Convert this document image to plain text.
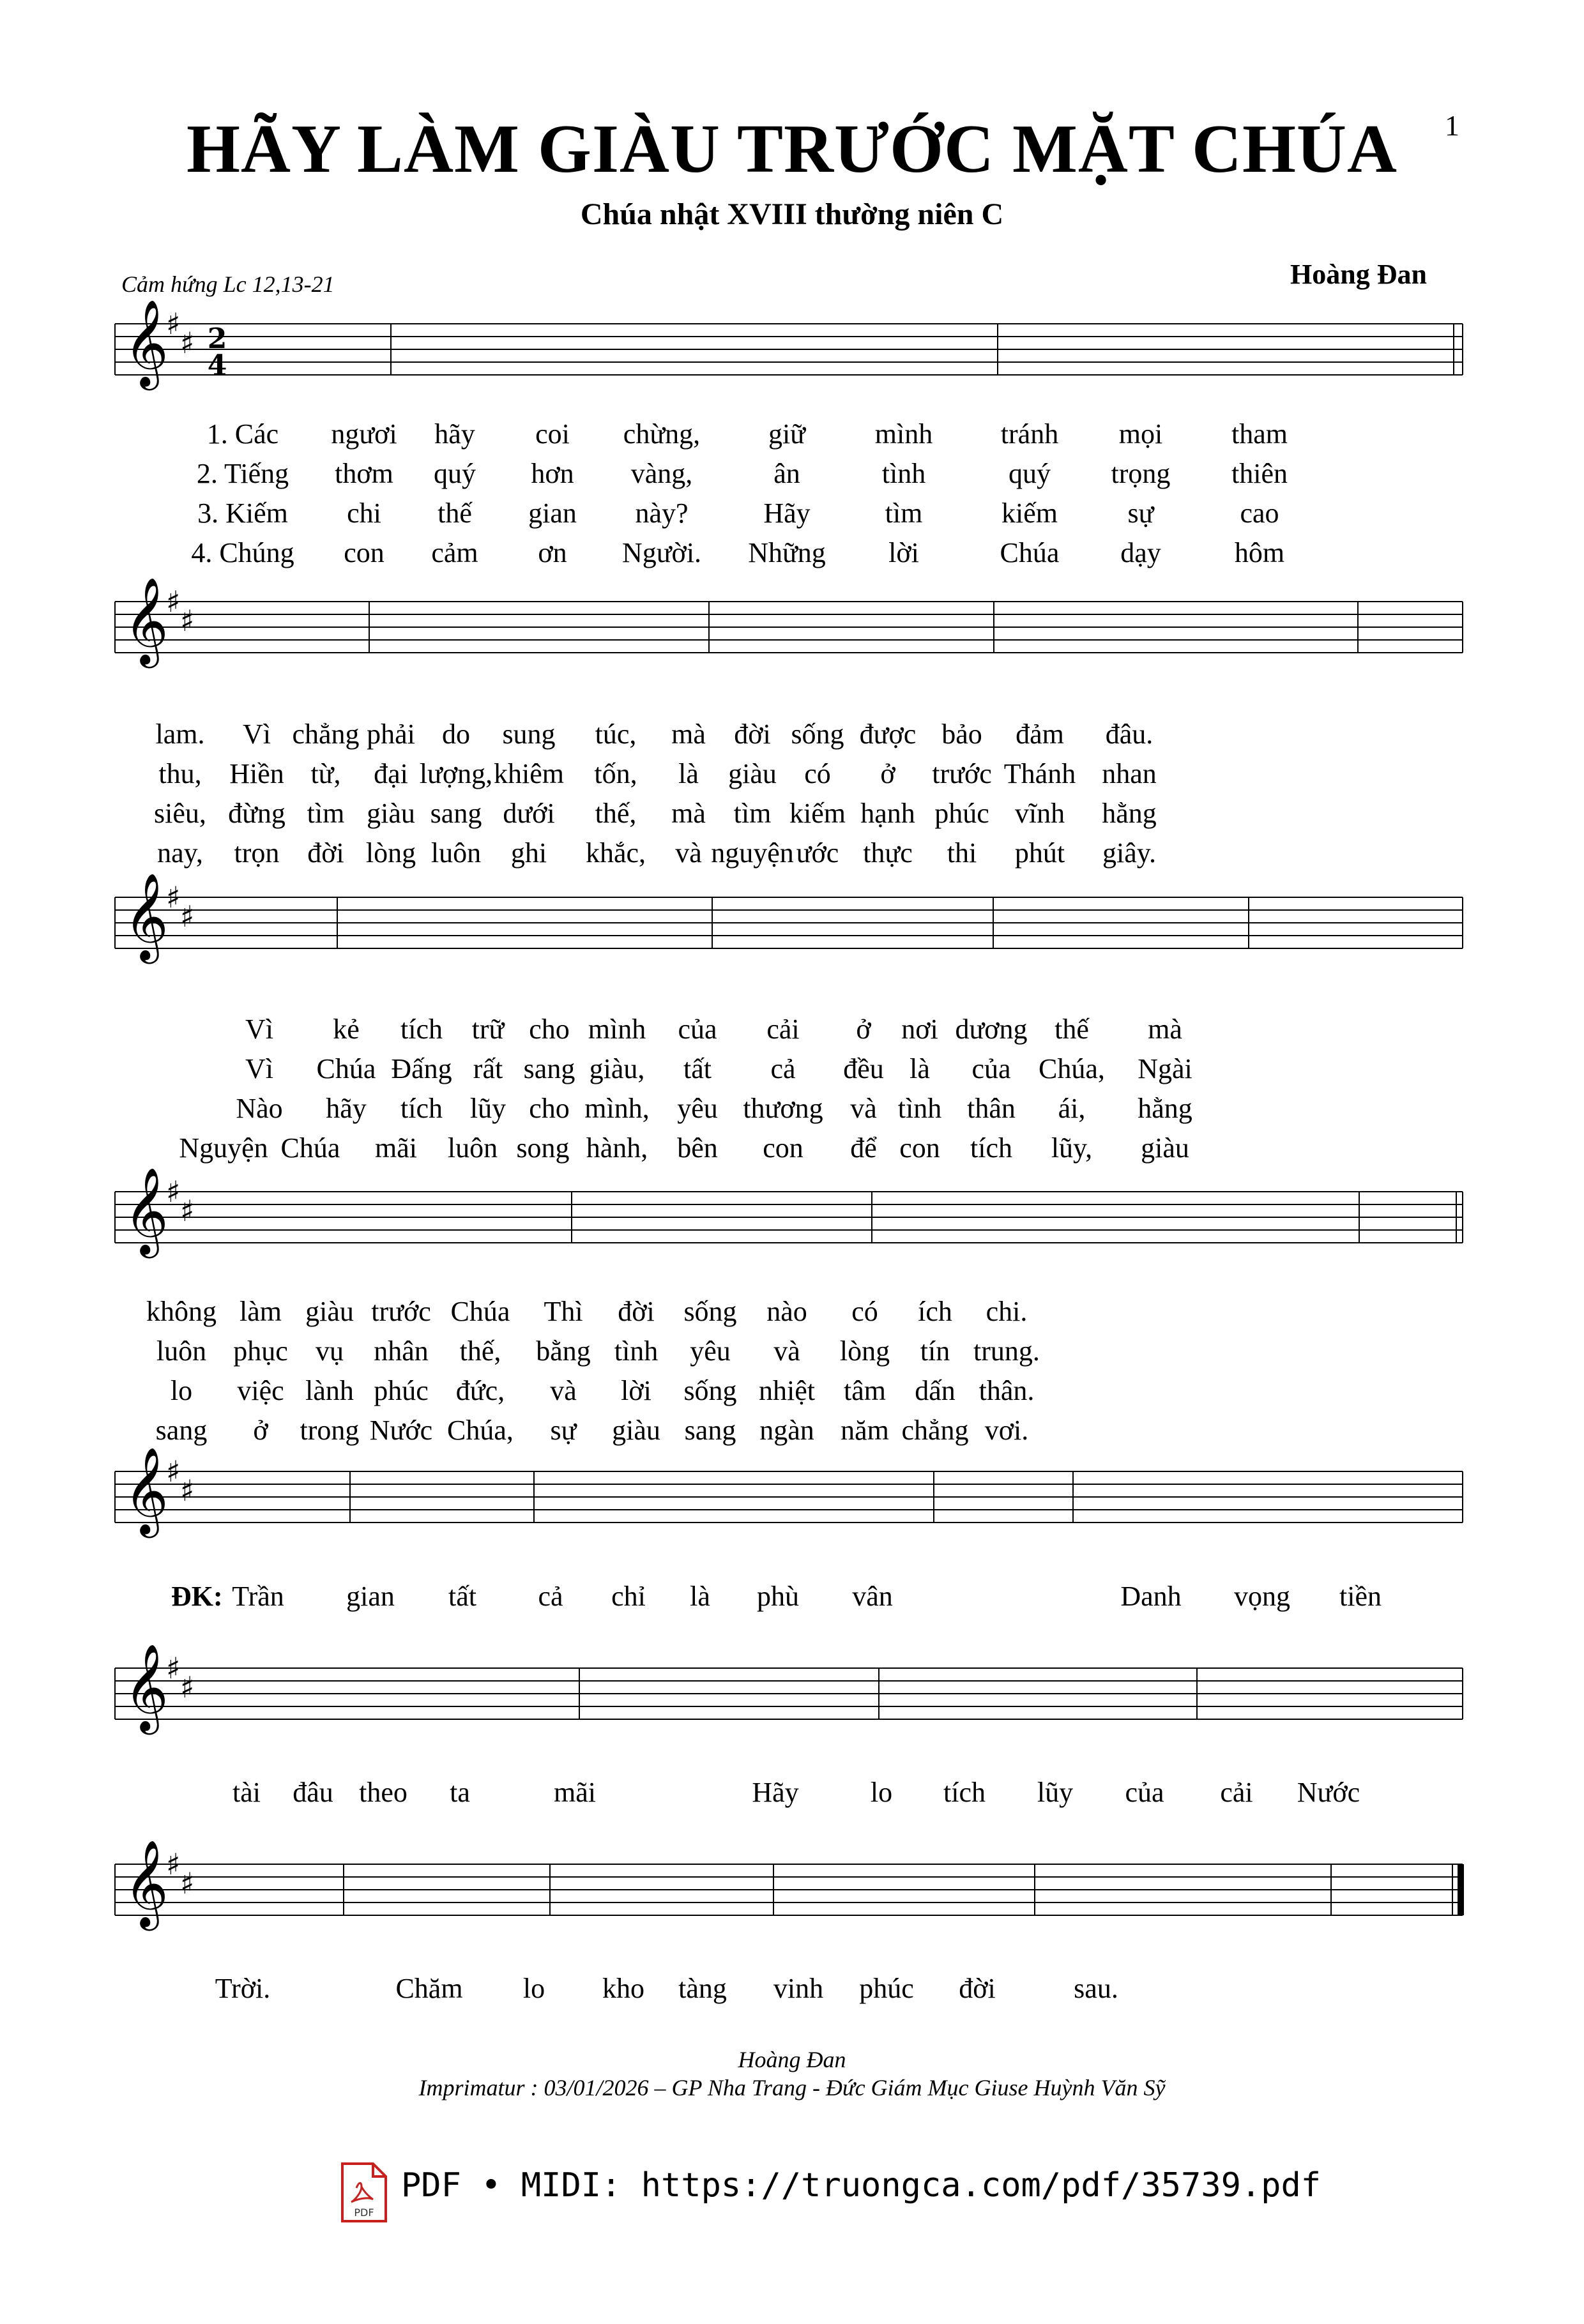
HÃY LÀM GIÀU TRƯỚC MẶT CHÚA	1
Chúa nhật XVIII thường niên C
Cảm hứng Lc 12,13-21	Hoàng Đan
𝄞
♯
♯ 2
4
1. Các ngươi hãy coi chừng, giữ mình tránh mọi tham
2. Tiếng thơm quý hơn vàng,	ân	tình	quý trọng thiên
3. Kiếm chi thế gian này?	Hãy	tìm	kiếm sự	cao
4. Chúng con cảm ơn Người. Những lời	Chúa dạy	hôm
𝄞
♯
♯
lam. Vì chẳng phải do sung túc, mà đời sống được bảo đảm đâu.
thu, Hiền từ, đại lượng, khiêm tốn, là giàu có ở trước Thánh nhan
siêu, đừng tìm giàu sang dưới thế, mà tìm kiếm hạnh phúc vĩnh hằng
nay, trọn đời lòng luôn ghi khắc, và nguyện ước thực thi phút giây.
𝄞
♯
♯
Vì kẻ tích trữ cho mình của cải ở nơi dương thế mà
Vì Chúa Đấng rất sang giàu, tất cả đều là của Chúa, Ngài
Nào hãy tích lũy cho mình, yêu thương và tình thân ái, hằng
Nguyện Chúa mãi luôn song hành, bên con để con tích lũy, giàu
𝄞
♯
♯
không làm giàu trước Chúa Thì đời sống nào có ích chi.
luôn phục vụ nhân thế, bằng tình yêu và lòng tín trung.
lo việc lành phúc đức, và lời sống nhiệt tâm dấn thân.
sang ở trong Nước Chúa, sự giàu sang ngàn năm chẳng vơi.
𝄞
♯
♯
ĐK: Trần gian tất cả chỉ là phù vân	Danh vọng tiền
𝄞
♯
♯
tài đâu theo ta	mãi	Hãy	lo tích lũy của cải Nước
𝄞
♯
♯
Trời.	Chăm lo kho tàng vinh phúc đời	sau.
Hoàng Đan
Imprimatur : 03/01/2026 – GP Nha Trang - Đức Giám Mục Giuse Huỳnh Văn Sỹ
PDF
PDF • MIDI: https://truongca.com/pdf/35739.pdf
